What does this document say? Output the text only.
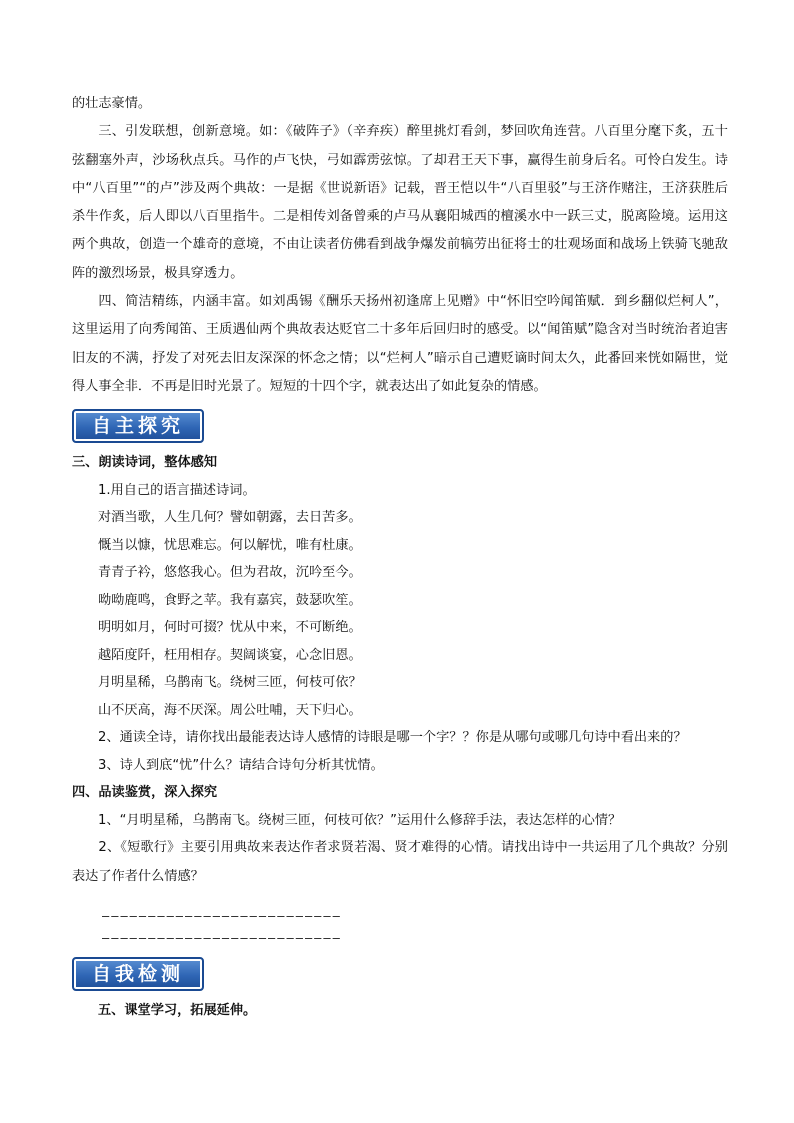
的壮志豪情。

三、引发联想，创新意境。如：《破阵子》（辛弃疾）醉里挑灯看剑，梦回吹角连营。八百里分麾下炙，五十弦翻塞外声，沙场秋点兵。马作的卢飞快，弓如霹雳弦惊。了却君王天下事，赢得生前身后名。可怜白发生。诗中“八百里”“的卢”涉及两个典故：一是据《世说新语》记载，晋王恺以牛“八百里驳”与王济作赌注，王济获胜后杀牛作炙，后人即以八百里指牛。二是相传刘备曾乘的卢马从襄阳城西的檀溪水中一跃三丈，脱离险境。运用这两个典故，创造一个雄奇的意境，不由让读者仿佛看到战争爆发前犒劳出征将士的壮观场面和战场上铁骑飞驰敌阵的激烈场景，极具穿透力。

四、简洁精练，内涵丰富。如刘禹锡《酬乐天扬州初逢席上见赠》中“怀旧空吟闻笛赋．到乡翻似烂柯人”，这里运用了向秀闻笛、王质遇仙两个典故表达贬官二十多年后回归时的感受。以“闻笛赋”隐含对当时统治者迫害旧友的不满，抒发了对死去旧友深深的怀念之情；以“烂柯人”暗示自己遭贬谪时间太久，此番回来恍如隔世，觉得人事全非．不再是旧时光景了。短短的十四个字，就表达出了如此复杂的情感。

自主探究

三、朗读诗词，整体感知

1.用自己的语言描述诗词。

对酒当歌，人生几何？譬如朝露，去日苦多。

慨当以慷，忧思难忘。何以解忧，唯有杜康。

青青子衿，悠悠我心。但为君故，沉吟至今。

呦呦鹿鸣，食野之苹。我有嘉宾，鼓瑟吹笙。

明明如月，何时可掇？忧从中来，不可断绝。

越陌度阡，枉用相存。契阔谈宴，心念旧恩。

月明星稀，乌鹊南飞。绕树三匝，何枝可依？

山不厌高，海不厌深。周公吐哺，天下归心。

2、通读全诗，请你找出最能表达诗人感情的诗眼是哪一个字？？你是从哪句或哪几句诗中看出来的？

3、诗人到底“忧”什么？请结合诗句分析其忧情。

四、品读鉴赏，深入探究

1、“月明星稀，乌鹊南飞。绕树三匝，何枝可依？”运用什么修辞手法，表达怎样的心情？

2、《短歌行》主要引用典故来表达作者求贤若渴、贤才难得的心情。请找出诗中一共运用了几个典故？分别表达了作者什么情感？

——————————————————————————
——————————————————————————
自我检测

五、课堂学习，拓展延伸。
